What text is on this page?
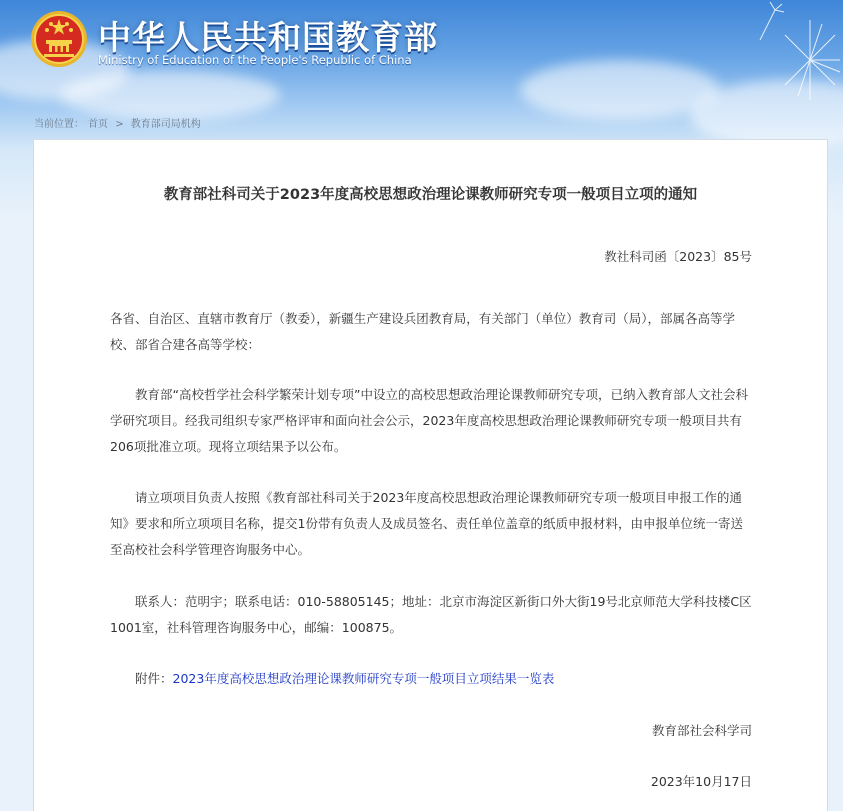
中华人民共和国教育部
Ministry of Education of the People's Republic of China
当前位置： 首页 > 教育部司局机构
教育部社科司关于2023年度高校思想政治理论课教师研究专项一般项目立项的通知
教社科司函〔2023〕85号

各省、自治区、直辖市教育厅（教委），新疆生产建设兵团教育局，有关部门（单位）教育司（局），部属各高等学校、部省合建各高等学校：

教育部“高校哲学社会科学繁荣计划专项”中设立的高校思想政治理论课教师研究专项，已纳入教育部人文社会科学研究项目。经我司组织专家严格评审和面向社会公示，2023年度高校思想政治理论课教师研究专项一般项目共有206项批准立项。现将立项结果予以公布。

请立项项目负责人按照《教育部社科司关于2023年度高校思想政治理论课教师研究专项一般项目申报工作的通知》要求和所立项项目名称，提交1份带有负责人及成员签名、责任单位盖章的纸质申报材料，由申报单位统一寄送至高校社会科学管理咨询服务中心。

联系人：范明宇；联系电话：010-58805145；地址：北京市海淀区新街口外大街19号北京师范大学科技楼C区1001室，社科管理咨询服务中心，邮编：100875。

附件：2023年度高校思想政治理论课教师研究专项一般项目立项结果一览表

教育部社会科学司
2023年10月17日
